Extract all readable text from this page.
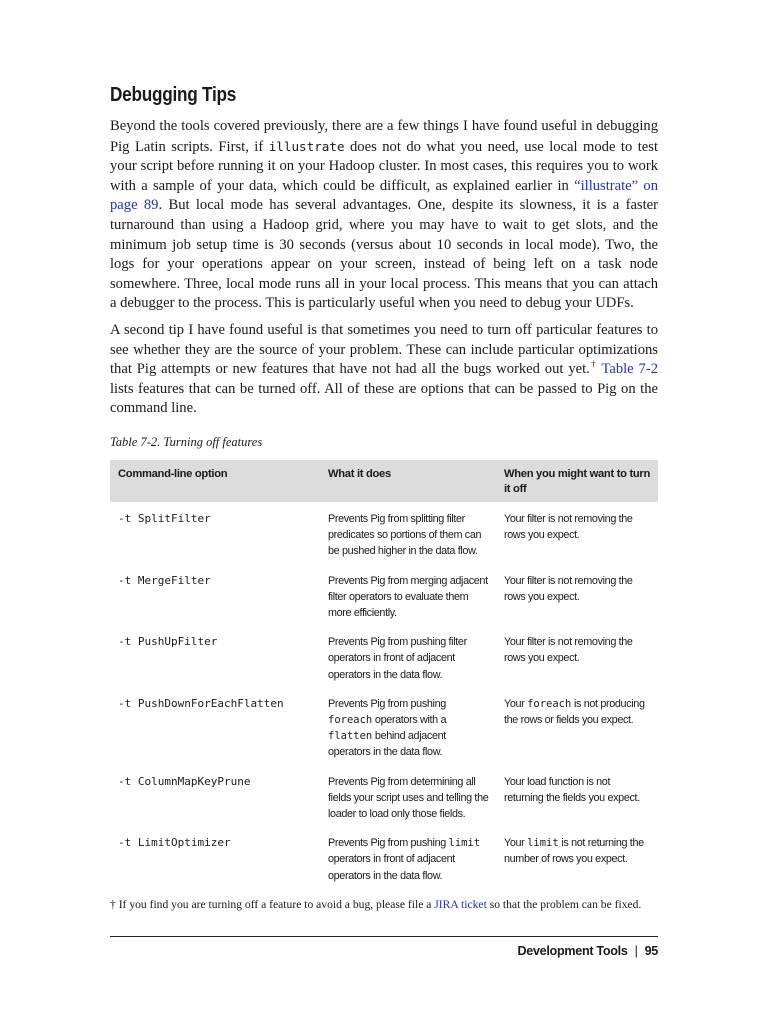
Debugging Tips

Beyond the tools covered previously, there are a few things I have found useful in debugging Pig Latin scripts. First, if illustrate does not do what you need, use local mode to test your script before running it on your Hadoop cluster. In most cases, this requires you to work with a sample of your data, which could be difficult, as explained earlier in “illustrate” on page 89. But local mode has several advantages. One, despite its slowness, it is a faster turnaround than using a Hadoop grid, where you may have to wait to get slots, and the minimum job setup time is 30 seconds (versus about 10 seconds in local mode). Two, the logs for your operations appear on your screen, instead of being left on a task node somewhere. Three, local mode runs all in your local process. This means that you can attach a debugger to the process. This is particularly useful when you need to debug your UDFs.

A second tip I have found useful is that sometimes you need to turn off particular features to see whether they are the source of your problem. These can include particular optimizations that Pig attempts or new features that have not had all the bugs worked out yet.† Table 7-2 lists features that can be turned off. All of these are options that can be passed to Pig on the command line.

Table 7-2. Turning off features
Command-line option	What it does	When you might want to turn it off
-t SplitFilter	Prevents Pig from splitting filter predicates so portions of them can be pushed higher in the data flow.	Your filter is not removing the rows you expect.
-t MergeFilter	Prevents Pig from merging adjacent filter operators to evaluate them more efficiently.	Your filter is not removing the rows you expect.
-t PushUpFilter	Prevents Pig from pushing filter operators in front of adjacent operators in the data flow.	Your filter is not removing the rows you expect.
-t PushDownForEachFlatten	Prevents Pig from pushing foreach operators with a flatten behind adjacent operators in the data flow.	Your foreach is not producing the rows or fields you expect.
-t ColumnMapKeyPrune	Prevents Pig from determining all fields your script uses and telling the loader to load only those fields.	Your load function is not returning the fields you expect.
-t LimitOptimizer	Prevents Pig from pushing limit operators in front of adjacent operators in the data flow.	Your limit is not returning the number of rows you expect.
† If you find you are turning off a feature to avoid a bug, please file a JIRA ticket so that the problem can be fixed.
Development Tools | 95
